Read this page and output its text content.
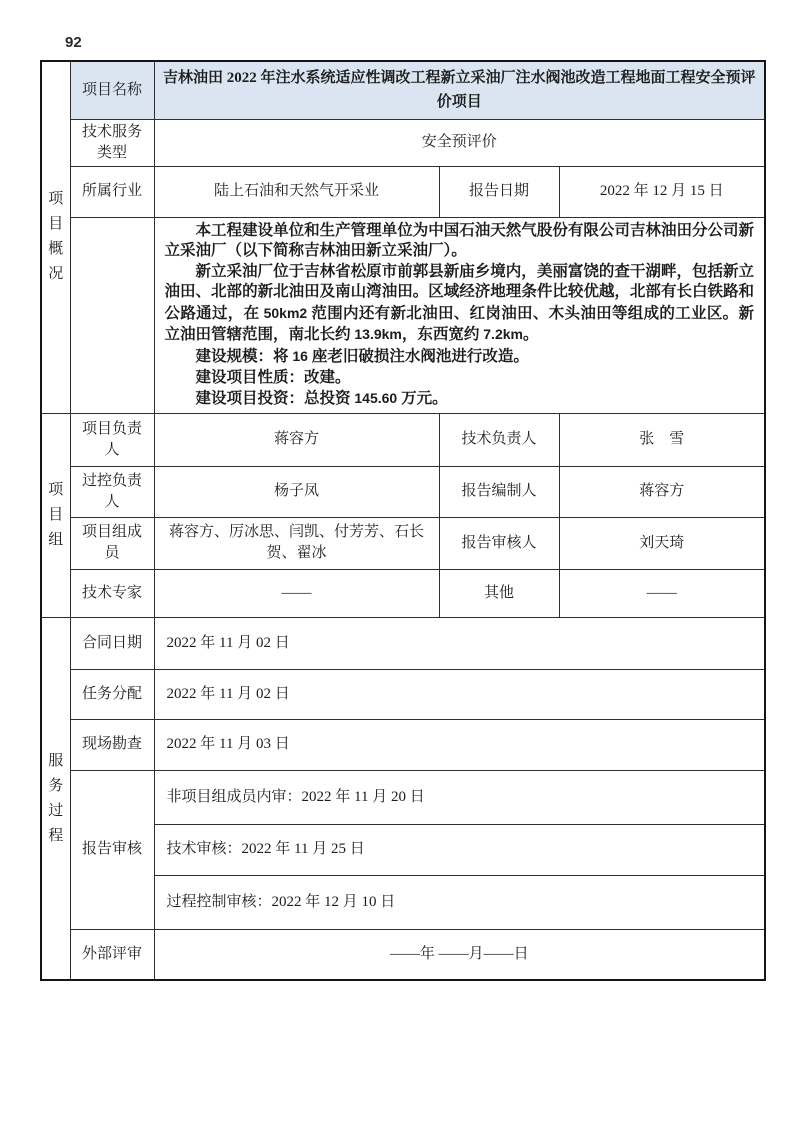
92
项目概况	项目名称	吉林油田 2022 年注水系统适应性调改工程新立采油厂注水阀池改造工程地面工程安全预评价项目		
	技术服务类型	安全预评价		
	所属行业	陆上石油和天然气开采业	报告日期	2022 年 12 月 15 日

		本工程建设单位和生产管理单位为中国石油天然气股份有限公司吉林油田分公司新立采油厂（以下简称吉林油田新立采油厂）。

新立采油厂位于吉林省松原市前郭县新庙乡境内，美丽富饶的查干湖畔，包括新立油田、北部的新北油田及南山湾油田。区域经济地理条件比较优越，北部有长白铁路和公路通过，在 50km2 范围内还有新北油田、红岗油田、木头油田等组成的工业区。新立油田管辖范围，南北长约 13.9km，东西宽约 7.2km。

建设规模：将 16 座老旧破损注水阀池进行改造。

建设项目性质：改建。

建设项目投资：总投资 145.60 万元。		

项目组	项目负责人	蒋容方	技术负责人	张　雪
	过控负责人	杨子凤	报告编制人	蒋容方
	项目组成员	蒋容方、厉冰思、闫凯、付芳芳、石长贺、翟冰	报告审核人	刘天琦
	技术专家	——	其他	——

服务过程	合同日期	2022 年 11 月 02 日		
	任务分配	2022 年 11 月 02 日		
	现场勘查	2022 年 11 月 03 日		
	报告审核	非项目组成员内审：2022 年 11 月 20 日		
		技术审核：2022 年 11 月 25 日		
		过程控制审核：2022 年 12 月 10 日		
	外部评审	——年 ——月——日		
